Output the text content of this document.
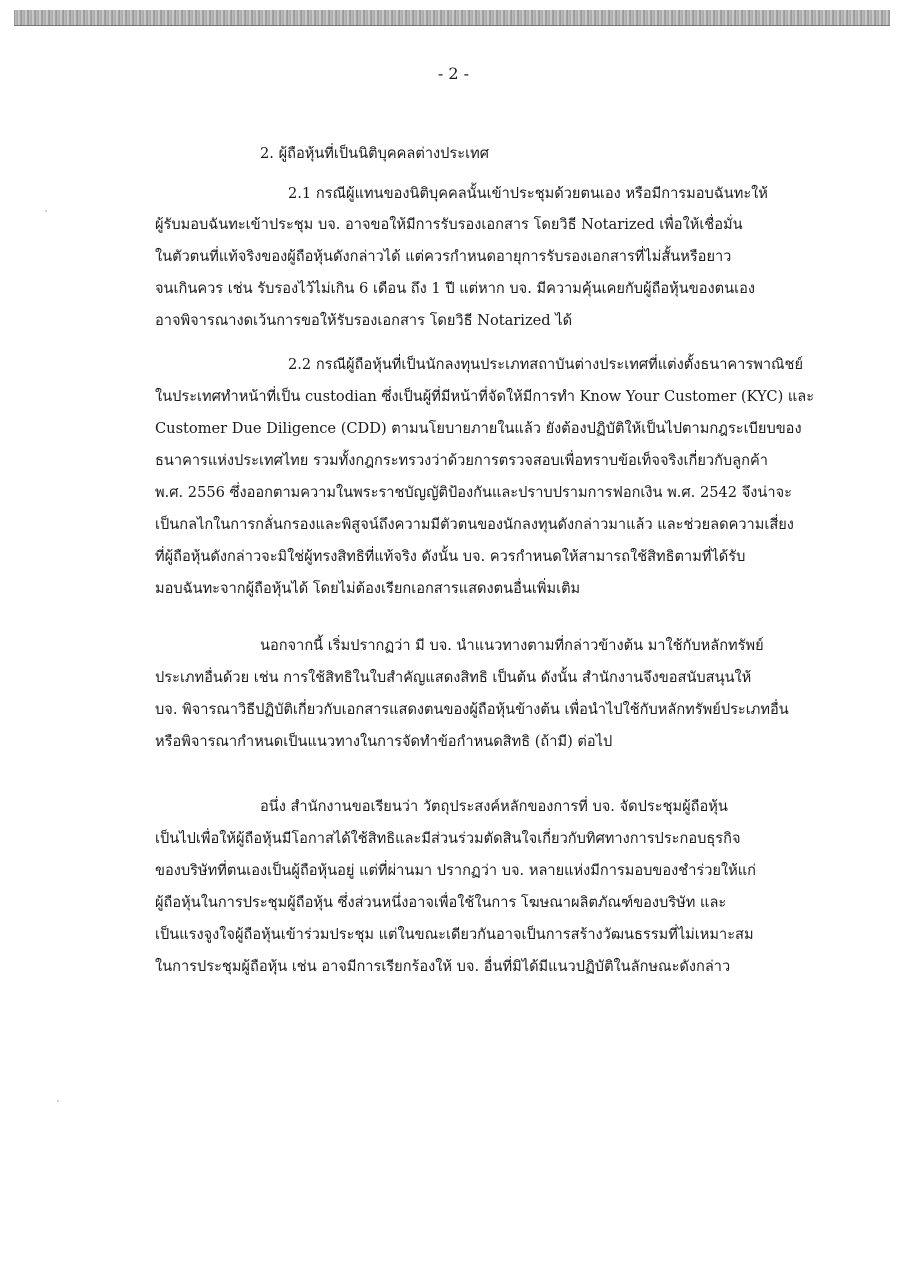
- 2 -
2. ผู้ถือหุ้นที่เป็นนิติบุคคลต่างประเทศ
2.1 กรณีผู้แทนของนิติบุคคลนั้นเข้าประชุมด้วยตนเอง หรือมีการมอบฉันทะให้
ผู้รับมอบฉันทะเข้าประชุม บจ. อาจขอให้มีการรับรองเอกสาร โดยวิธี Notarized เพื่อให้เชื่อมั่น
ในตัวตนที่แท้จริงของผู้ถือหุ้นดังกล่าวได้ แต่ควรกำหนดอายุการรับรองเอกสารที่ไม่สั้นหรือยาว
จนเกินควร เช่น รับรองไว้ไม่เกิน 6 เดือน ถึง 1 ปี แต่หาก บจ. มีความคุ้นเคยกับผู้ถือหุ้นของตนเอง
อาจพิจารณางดเว้นการขอให้รับรองเอกสาร โดยวิธี Notarized ได้
2.2 กรณีผู้ถือหุ้นที่เป็นนักลงทุนประเภทสถาบันต่างประเทศที่แต่งตั้งธนาคารพาณิชย์
ในประเทศทำหน้าที่เป็น custodian ซึ่งเป็นผู้ที่มีหน้าที่จัดให้มีการทำ Know Your Customer (KYC) และ
Customer Due Diligence (CDD) ตามนโยบายภายในแล้ว ยังต้องปฏิบัติให้เป็นไปตามกฎระเบียบของ
ธนาคารแห่งประเทศไทย รวมทั้งกฎกระทรวงว่าด้วยการตรวจสอบเพื่อทราบข้อเท็จจริงเกี่ยวกับลูกค้า
พ.ศ. 2556 ซึ่งออกตามความในพระราชบัญญัติป้องกันและปราบปรามการฟอกเงิน พ.ศ. 2542 จึงน่าจะ
เป็นกลไกในการกลั่นกรองและพิสูจน์ถึงความมีตัวตนของนักลงทุนดังกล่าวมาแล้ว และช่วยลดความเสี่ยง
ที่ผู้ถือหุ้นดังกล่าวจะมิใช่ผู้ทรงสิทธิที่แท้จริง ดังนั้น บจ. ควรกำหนดให้สามารถใช้สิทธิตามที่ได้รับ
มอบฉันทะจากผู้ถือหุ้นได้ โดยไม่ต้องเรียกเอกสารแสดงตนอื่นเพิ่มเติม
นอกจากนี้ เริ่มปรากฏว่า มี บจ. นำแนวทางตามที่กล่าวข้างต้น มาใช้กับหลักทรัพย์
ประเภทอื่นด้วย เช่น การใช้สิทธิในใบสำคัญแสดงสิทธิ เป็นต้น ดังนั้น สำนักงานจึงขอสนับสนุนให้
บจ. พิจารณาวิธีปฏิบัติเกี่ยวกับเอกสารแสดงตนของผู้ถือหุ้นข้างต้น เพื่อนำไปใช้กับหลักทรัพย์ประเภทอื่น
หรือพิจารณากำหนดเป็นแนวทางในการจัดทำข้อกำหนดสิทธิ (ถ้ามี) ต่อไป
อนึ่ง สำนักงานขอเรียนว่า วัตถุประสงค์หลักของการที่ บจ. จัดประชุมผู้ถือหุ้น
เป็นไปเพื่อให้ผู้ถือหุ้นมีโอกาสได้ใช้สิทธิและมีส่วนร่วมตัดสินใจเกี่ยวกับทิศทางการประกอบธุรกิจ
ของบริษัทที่ตนเองเป็นผู้ถือหุ้นอยู่ แต่ที่ผ่านมา ปรากฏว่า บจ. หลายแห่งมีการมอบของชำร่วยให้แก่
ผู้ถือหุ้นในการประชุมผู้ถือหุ้น ซึ่งส่วนหนึ่งอาจเพื่อใช้ในการ โฆษณาผลิตภัณฑ์ของบริษัท และ
เป็นแรงจูงใจผู้ถือหุ้นเข้าร่วมประชุม แต่ในขณะเดียวกันอาจเป็นการสร้างวัฒนธรรมที่ไม่เหมาะสม
ในการประชุมผู้ถือหุ้น เช่น อาจมีการเรียกร้องให้ บจ. อื่นที่มิได้มีแนวปฏิบัติในลักษณะดังกล่าว
